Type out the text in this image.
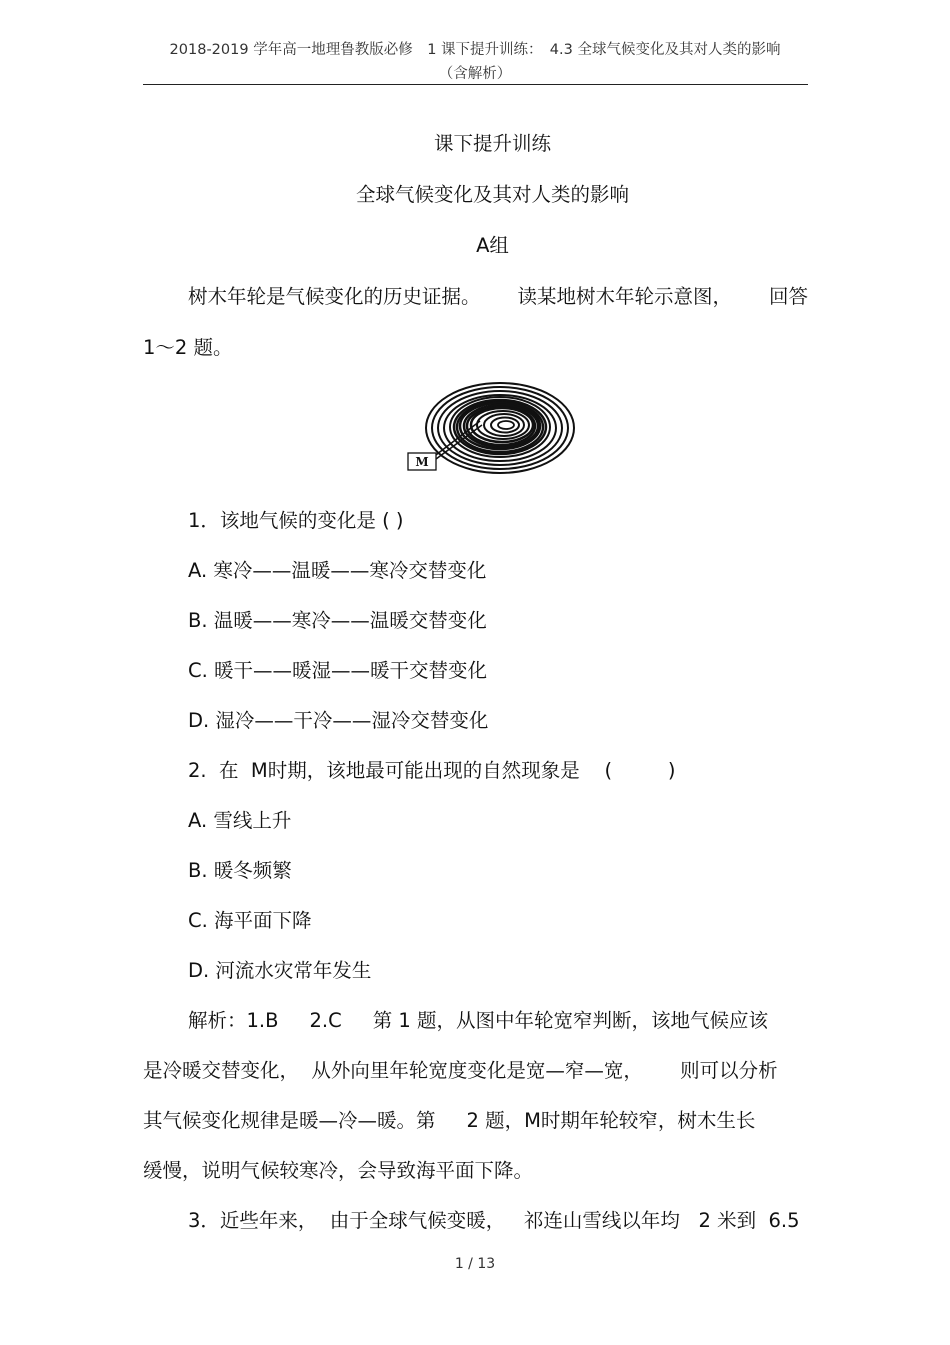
2018-2019 学年高一地理鲁教版必修　1 课下提升训练：　4.3 全球气候变化及其对人类的影响
（含解析）
课下提升训练
全球气候变化及其对人类的影响
A组
树木年轮是气候变化的历史证据。 读某地树木年轮示意图， 回答
1～2 题。
M
1．该地气候的变化是 ( )
A. 寒冷——温暖——寒冷交替变化
B. 温暖——寒冷——温暖交替变化
C. 暖干——暖湿——暖干交替变化
D. 湿冷——干冷——湿冷交替变化
2.  在  M时期，该地最可能出现的自然现象是    (         )
A. 雪线上升
B. 暖冬频繁
C. 海平面下降
D. 河流水灾常年发生
解析：1.B     2.C     第 1 题，从图中年轮宽窄判断，该地气候应该
是冷暖交替变化，  从外向里年轮宽度变化是宽—窄—宽，      则可以分析
其气候变化规律是暖—冷—暖。第     2 题，M时期年轮较窄，树木生长
缓慢，说明气候较寒冷，会导致海平面下降。
3．近些年来，  由于全球气候变暖，   祁连山雪线以年均   2 米到  6.5
1 / 13
